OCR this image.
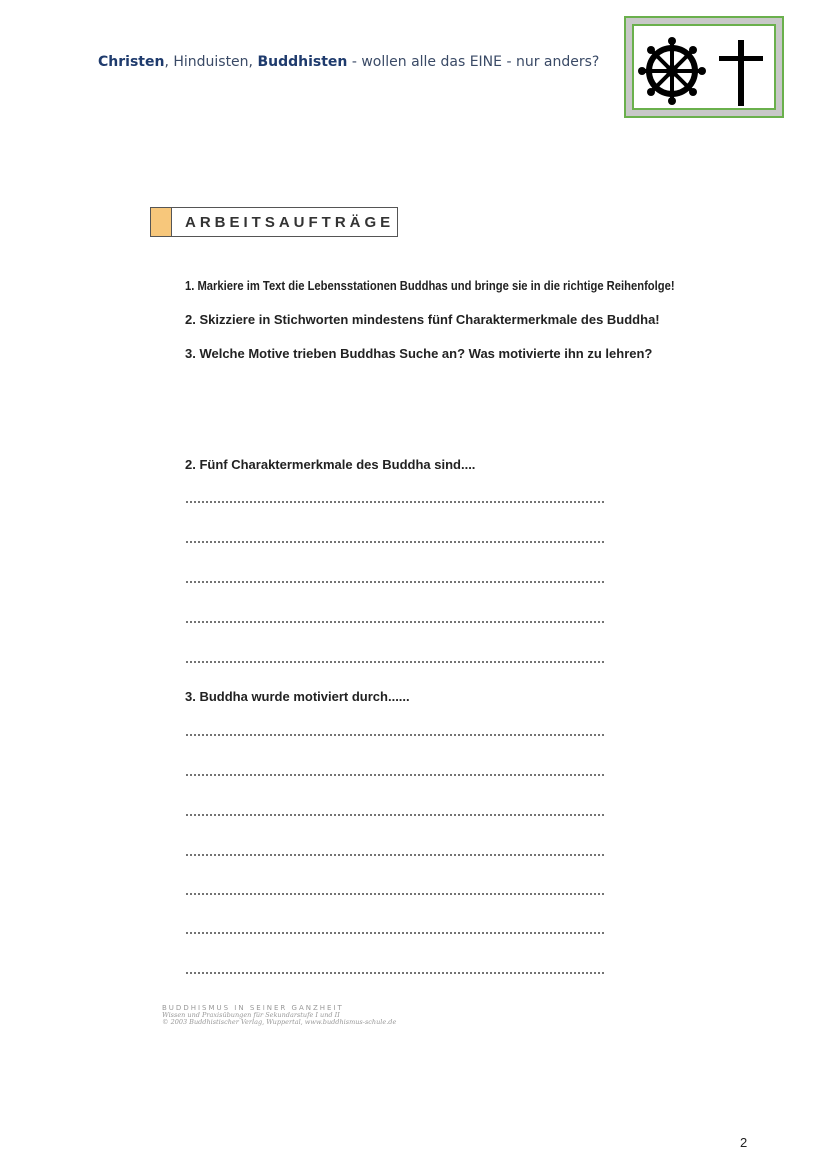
Christen, Hinduisten, Buddhisten - wollen alle das EINE - nur anders?
ARBEITSAUFTRÄGE
1. Markiere im Text die Lebensstationen Buddhas und bringe sie in die richtige Reihenfolge!
2. Skizziere in Stichworten mindestens fünf Charaktermerkmale des Buddha!
3. Welche Motive trieben Buddhas Suche an? Was motivierte ihn zu lehren?
2. Fünf Charaktermerkmale des Buddha sind....
3. Buddha wurde motiviert durch......
BUDDHISMUS IN SEINER GANZHEIT
Wissen und Praxisübungen für Sekundarstufe I und II
© 2003 Buddhistischer Verlag, Wuppertal, www.buddhismus-schule.de
2
